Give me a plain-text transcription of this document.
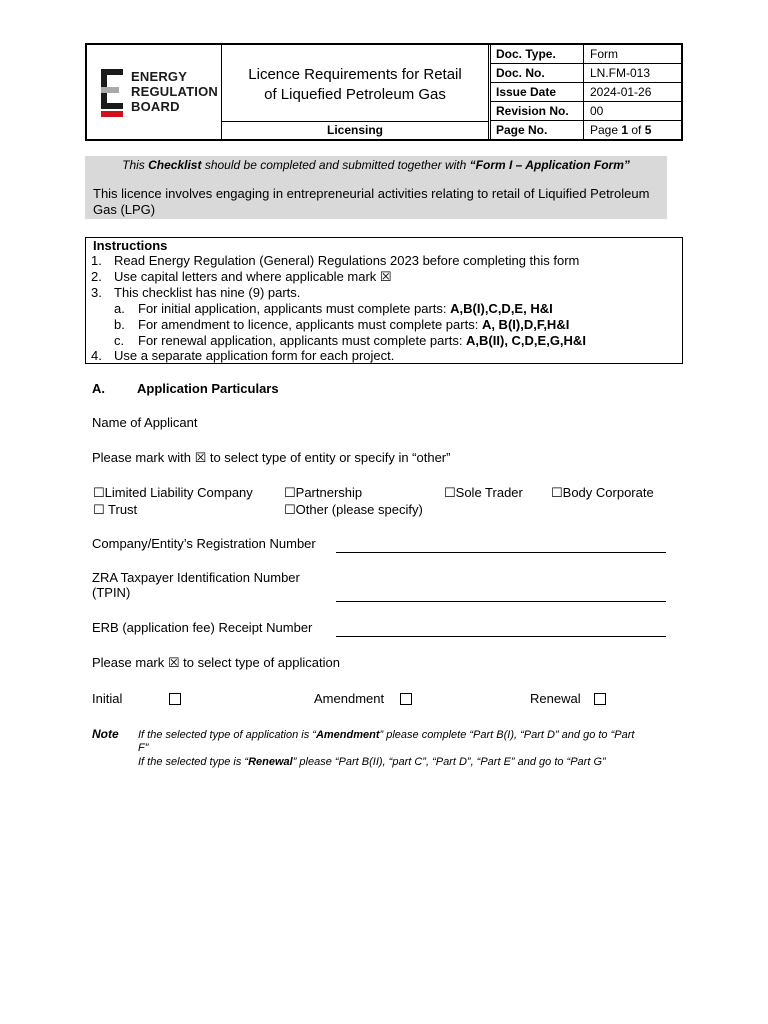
ENERGY
REGULATION
BOARD
Licence Requirements for Retail
of Liquefied Petroleum Gas
Licensing
Doc. Type.	Form
Doc. No.	LN.FM-013
Issue Date	2024-01-26
Revision No.	00
Page No.	Page 1 of 5
This Checklist should be completed and submitted together with “Form I – Application Form”
This licence involves engaging in entrepreneurial activities relating to retail of Liquified Petroleum Gas (LPG)
Instructions
1. Read Energy Regulation (General) Regulations 2023 before completing this form
2. Use capital letters and where applicable mark ☒
3. This checklist has nine (9) parts.
a. For initial application, applicants must complete parts: A,B(I),C,D,E, H&I
b. For amendment to licence, applicants must complete parts: A, B(I),D,F,H&I
c. For renewal application, applicants must complete parts: A,B(II), C,D,E,G,H&I
4. Use a separate application form for each project.
A. Application Particulars
Name of Applicant
Please mark with ☒ to select type of entity or specify in “other”
☐Limited Liability Company ☐Partnership	☐Sole Trader ☐Body Corporate
☐ Trust	☐Other (please specify)
Company/Entity’s Registration Number
ZRA Taxpayer Identification Number
(TPIN)
ERB (application fee) Receipt Number
Please mark ☒ to select type of application
Initial	Amendment	Renewal
Note If the selected type of application is “Amendment” please complete “Part B(I), “Part D” and go to “Part
F”
If the selected type is “Renewal” please “Part B(II), “part C”, “Part D”, “Part E” and go to “Part G”
